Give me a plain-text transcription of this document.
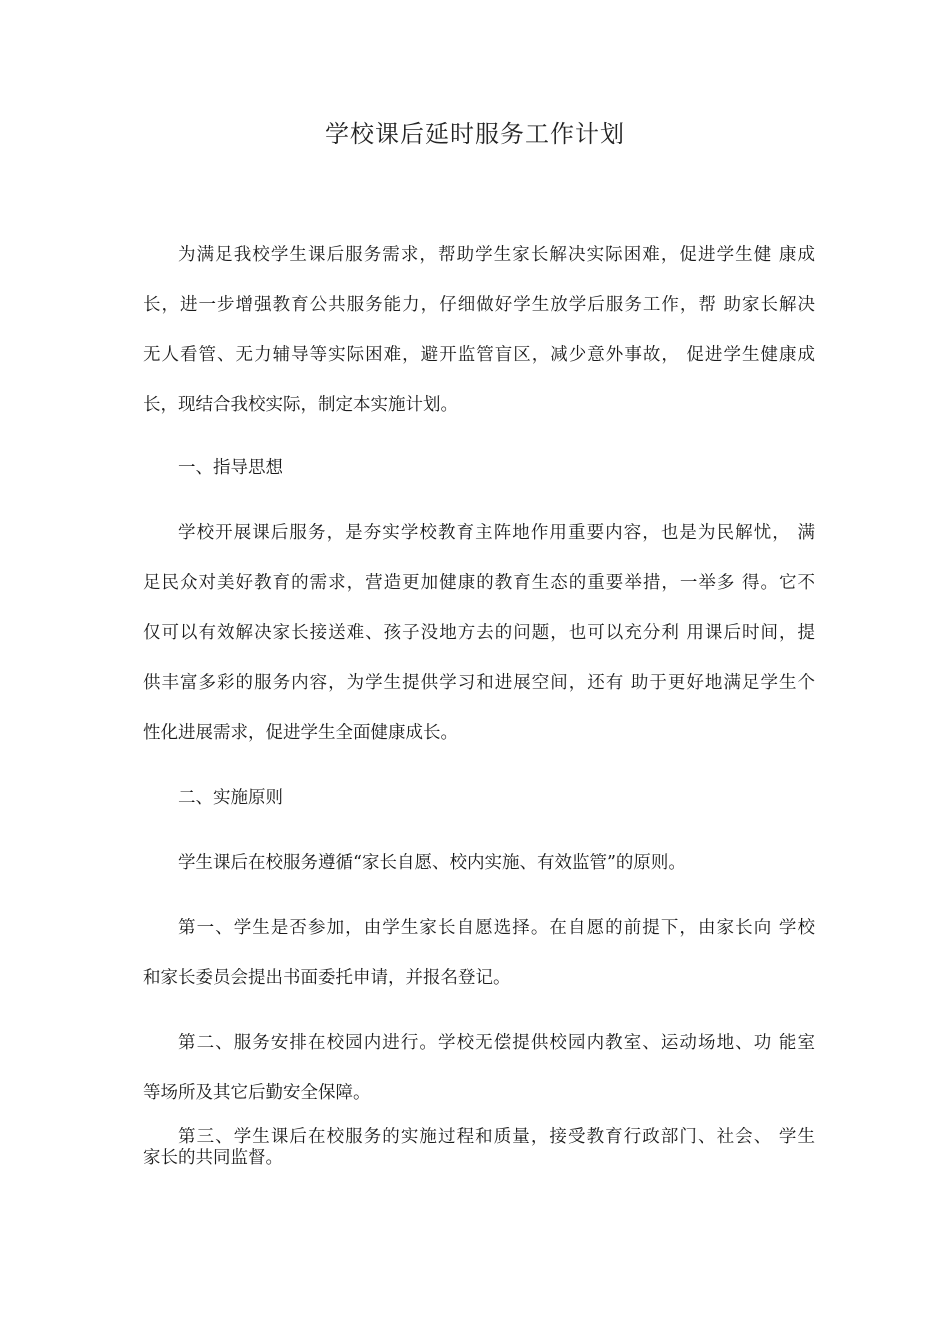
学校课后延时服务工作计划
为满足我校学生课后服务需求，帮助学生家长解决实际困难，促进学生健 康成
长，进一步增强教育公共服务能力，仔细做好学生放学后服务工作，帮 助家长解决
无人看管、无力辅导等实际困难，避开监管盲区，减少意外事故， 促进学生健康成
长，现结合我校实际，制定本实施计划。
一、指导思想
学校开展课后服务，是夯实学校教育主阵地作用重要内容，也是为民解忧， 满
足民众对美好教育的需求，营造更加健康的教育生态的重要举措，一举多 得。它不
仅可以有效解决家长接送难、孩子没地方去的问题，也可以充分利 用课后时间，提
供丰富多彩的服务内容，为学生提供学习和进展空间，还有 助于更好地满足学生个
性化进展需求，促进学生全面健康成长。
二、实施原则
学生课后在校服务遵循“家长自愿、校内实施、有效监管”的原则。
第一、学生是否参加，由学生家长自愿选择。在自愿的前提下，由家长向 学校
和家长委员会提出书面委托申请，并报名登记。
第二、服务安排在校园内进行。学校无偿提供校园内教室、运动场地、功 能室
等场所及其它后勤安全保障。
第三、学生课后在校服务的实施过程和质量，接受教育行政部门、社会、 学生
家长的共同监督。
